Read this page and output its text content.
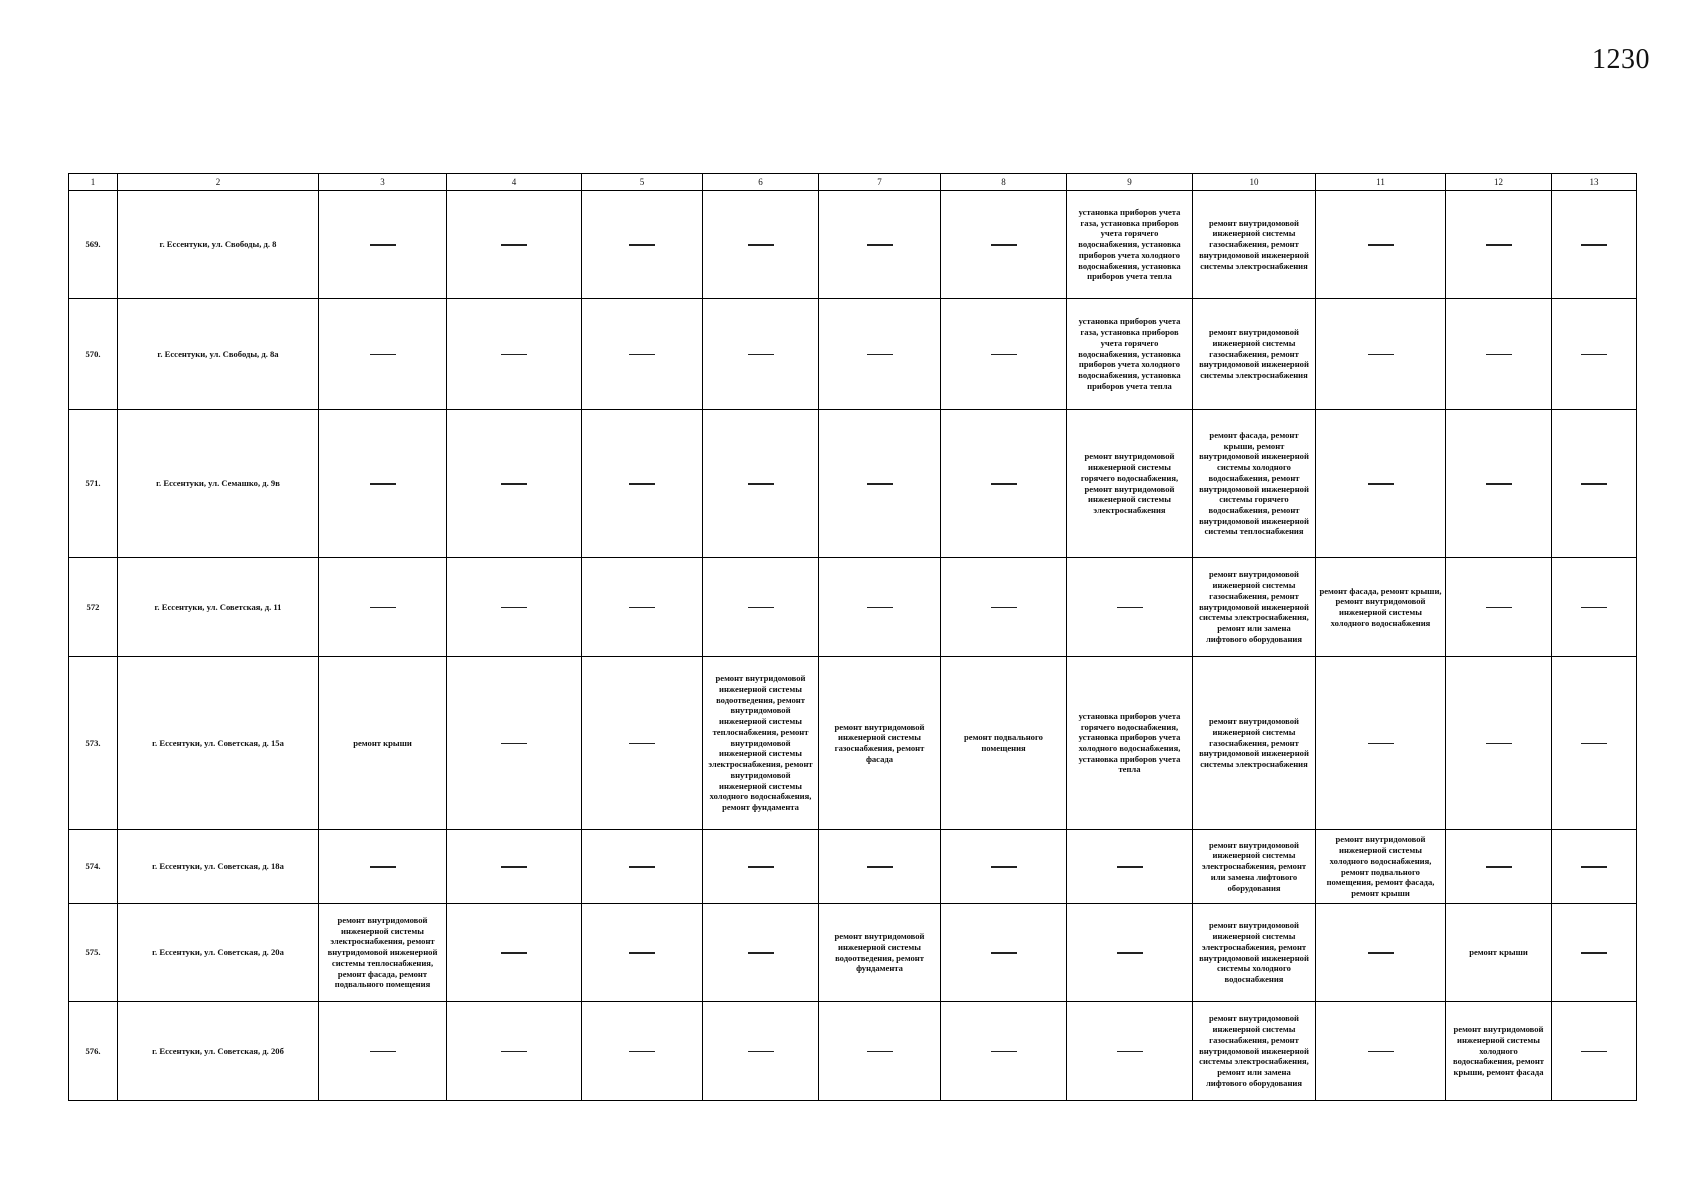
1230
1	2	3	4	5	6	7	8	9	10	11	12	13
569.	г. Ессентуки, ул. Свободы, д. 8							установка приборов учета газа, установка приборов учета горячего водоснабжения, установка приборов учета холодного водоснабжения, установка приборов учета тепла	ремонт внутридомовой инженерной системы газоснабжения, ремонт внутридомовой инженерной системы электроснабжения			
570.	г. Ессентуки, ул. Свободы, д. 8а							установка приборов учета газа, установка приборов учета горячего водоснабжения, установка приборов учета холодного водоснабжения, установка приборов учета тепла	ремонт внутридомовой инженерной системы газоснабжения, ремонт внутридомовой инженерной системы электроснабжения			
571.	г. Ессентуки, ул. Семашко, д. 9в							ремонт внутридомовой инженерной системы горячего водоснабжения, ремонт внутридомовой инженерной системы электроснабжения	ремонт фасада, ремонт крыши, ремонт внутридомовой инженерной системы холодного водоснабжения, ремонт внутридомовой инженерной системы горячего водоснабжения, ремонт внутридомовой инженерной системы теплоснабжения			
572	г. Ессентуки, ул. Советская, д. 11								ремонт внутридомовой инженерной системы газоснабжения, ремонт внутридомовой инженерной системы электроснабжения, ремонт или замена лифтового оборудования	ремонт фасада, ремонт крыши, ремонт внутридомовой инженерной системы холодного водоснабжения		
573.	г. Ессентуки, ул. Советская, д. 15а	ремонт крыши			ремонт внутридомовой инженерной системы водоотведения, ремонт внутридомовой инженерной системы теплоснабжения, ремонт внутридомовой инженерной системы электроснабжения, ремонт внутридомовой инженерной системы холодного водоснабжения, ремонт фундамента	ремонт внутридомовой инженерной системы газоснабжения, ремонт фасада	ремонт подвального помещения	установка приборов учета горячего водоснабжения, установка приборов учета холодного водоснабжения, установка приборов учета тепла	ремонт внутридомовой инженерной системы газоснабжения, ремонт внутридомовой инженерной системы электроснабжения			
574.	г. Ессентуки, ул. Советская, д. 18а								ремонт внутридомовой инженерной системы электроснабжения, ремонт или замена лифтового оборудования	ремонт внутридомовой инженерной системы холодного водоснабжения, ремонт подвального помещения, ремонт фасада, ремонт крыши		
575.	г. Ессентуки, ул. Советская, д. 20а	ремонт внутридомовой инженерной системы электроснабжения, ремонт внутридомовой инженерной системы теплоснабжения, ремонт фасада, ремонт подвального помещения				ремонт внутридомовой инженерной системы водоотведения, ремонт фундамента			ремонт внутридомовой инженерной системы электроснабжения, ремонт внутридомовой инженерной системы холодного водоснабжения		ремонт крыши	
576.	г. Ессентуки, ул. Советская, д. 20б								ремонт внутридомовой инженерной системы газоснабжения, ремонт внутридомовой инженерной системы электроснабжения, ремонт или замена лифтового оборудования		ремонт внутридомовой инженерной системы холодного водоснабжения, ремонт крыши, ремонт фасада	
